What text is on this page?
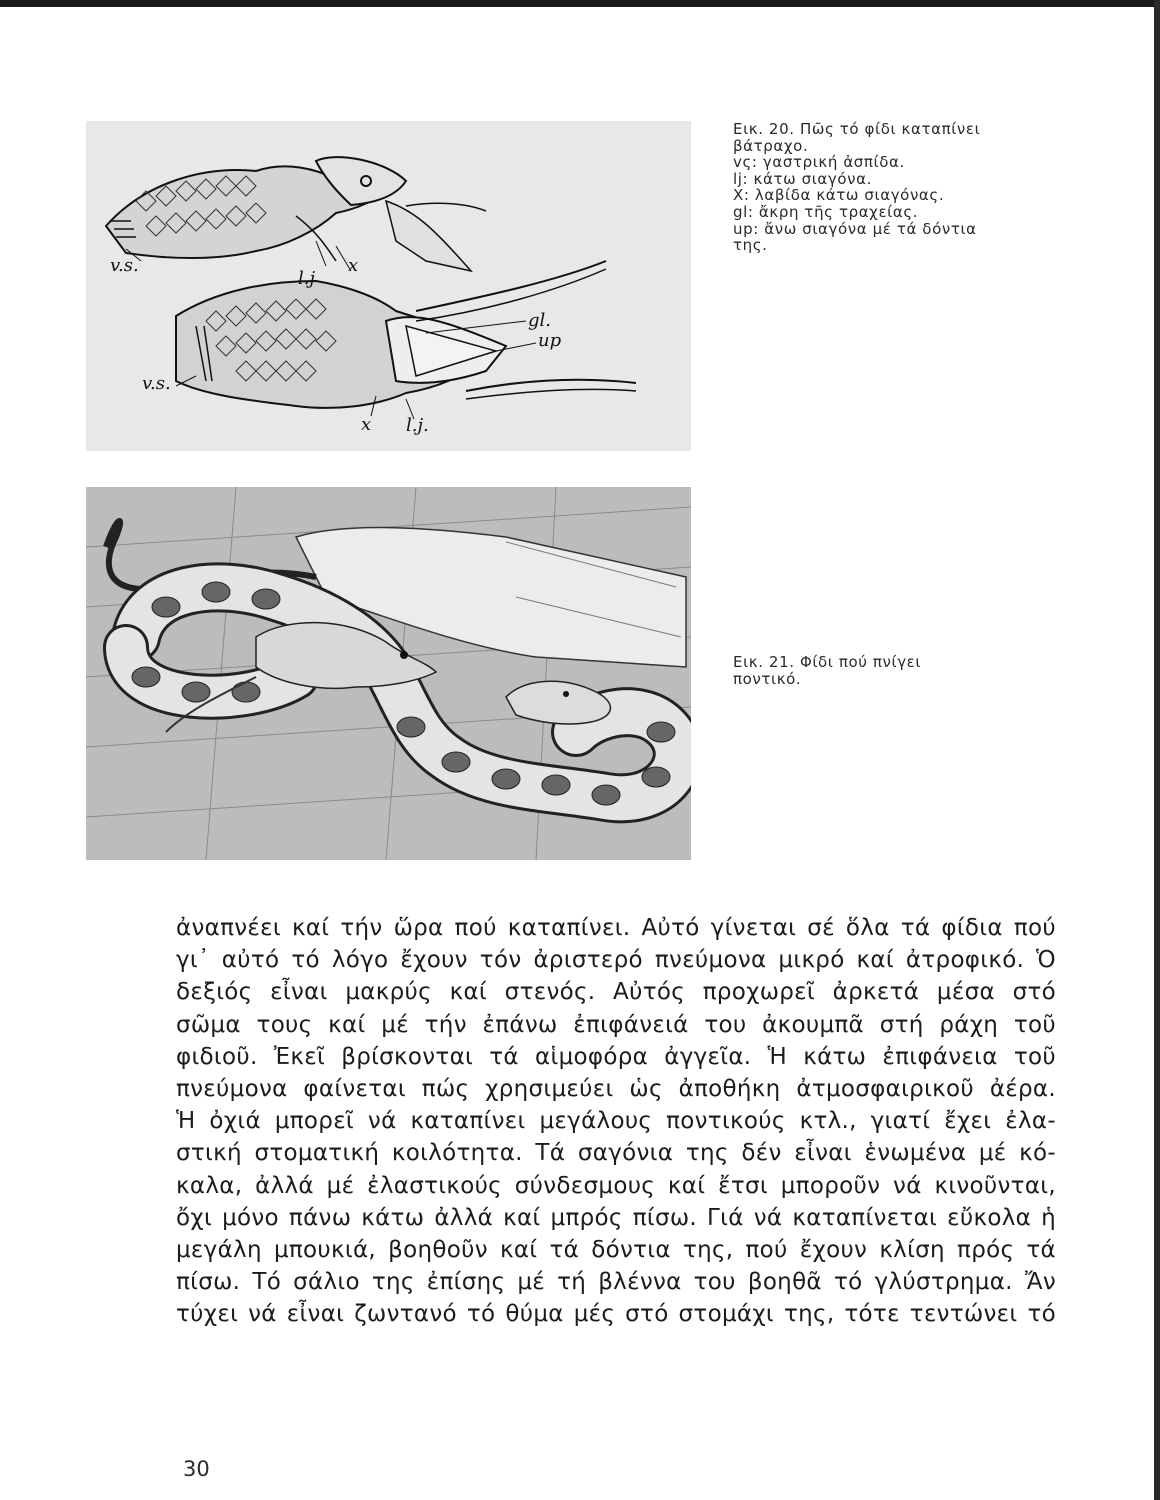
v.s.
l.j
x
gl.
up
v.s.
x l.j.
Εικ. 20. Πῶς τό φίδι καταπίνει
βάτραχο.
vς: γαστρική ἀσπίδα.
lj: κάτω σιαγόνα.
X: λαβίδα κάτω σιαγόνας.
gl: ἄκρη τῆς τραχείας.
up: ἄνω σιαγόνα μέ τά δόντια
της.
Εικ. 21. Φίδι πού πνίγει
ποντικό.
ἀναπνέει καί τήν ὥρα πού καταπίνει. Αὐτό γίνεται σέ ὅλα τά φίδια πού
γι᾿ αὐτό τό λόγο ἔχουν τόν ἀριστερό πνεύμονα μικρό καί ἀτροφικό. Ὁ
δεξιός εἶναι μακρύς καί στενός. Αὐτός προχωρεῖ ἀρκετά μέσα στό
σῶμα τους καί μέ τήν ἐπάνω ἐπιφάνειά του ἀκουμπᾶ στή ράχη τοῦ
φιδιοῦ. Ἐκεῖ βρίσκονται τά αἱμοφόρα ἀγγεῖα. Ἡ κάτω ἐπιφάνεια τοῦ
πνεύμονα φαίνεται πώς χρησιμεύει ὡς ἀποθήκη ἀτμοσφαιρικοῦ ἀέρα.
Ἡ ὀχιά μπορεῖ νά καταπίνει μεγάλους ποντικούς κτλ., γιατί ἔχει ἐλα-
στική στοματική κοιλότητα. Τά σαγόνια της δέν εἶναι ἑνωμένα μέ κό-
καλα, ἀλλά μέ ἐλαστικούς σύνδεσμους καί ἔτσι μποροῦν νά κινοῦνται,
ὄχι μόνο πάνω κάτω ἀλλά καί μπρός πίσω. Γιά νά καταπίνεται εὔκολα ἡ
μεγάλη μπουκιά, βοηθοῦν καί τά δόντια της, πού ἔχουν κλίση πρός τά
πίσω. Τό σάλιο της ἐπίσης μέ τή βλέννα του βοηθᾶ τό γλύστρημα. Ἄν
τύχει νά εἶναι ζωντανό τό θύμα μές στό στομάχι της, τότε τεντώνει τό
30
